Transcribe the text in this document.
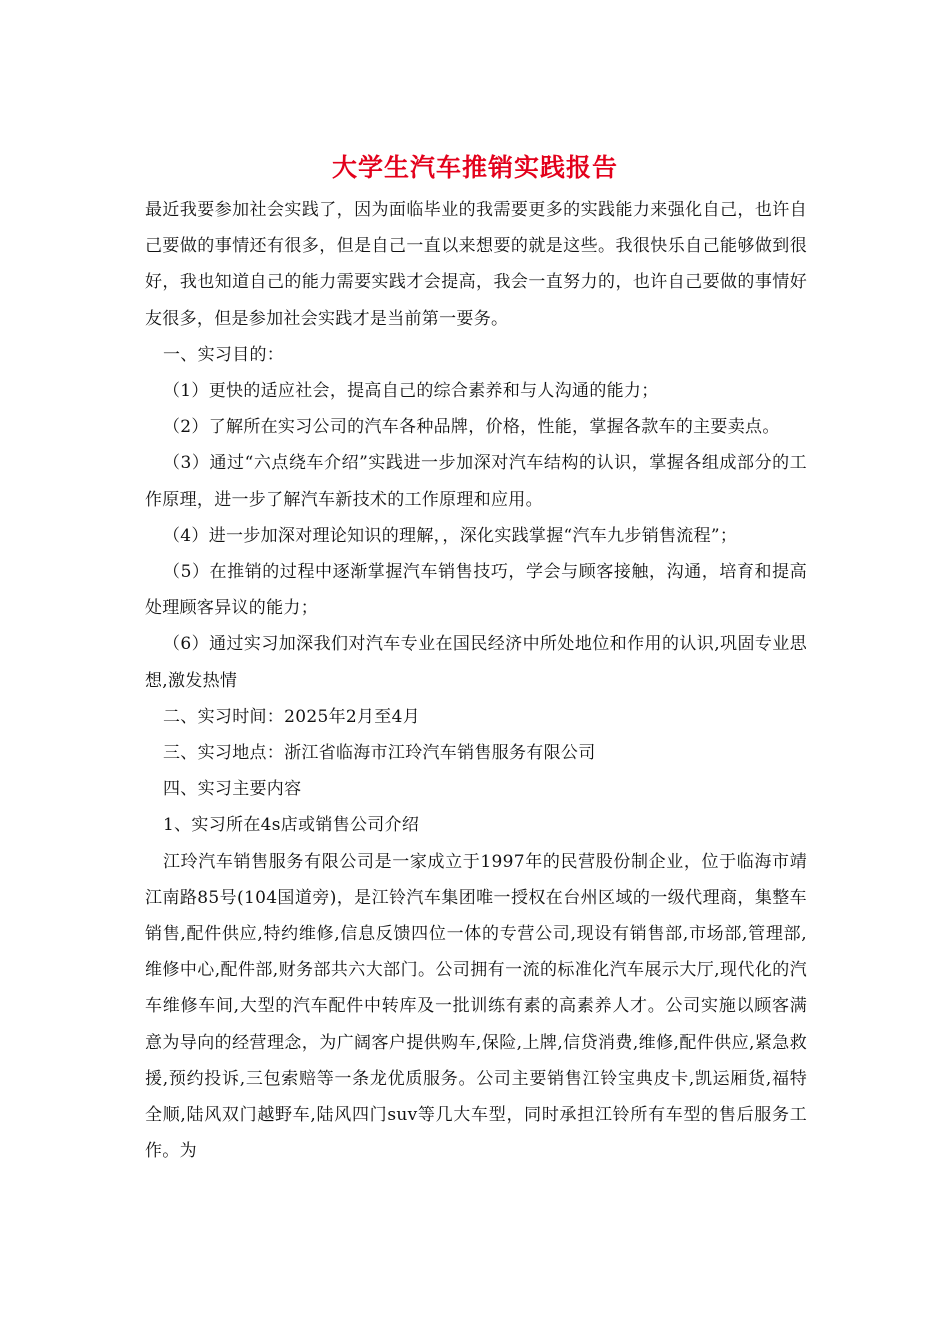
大学生汽车推销实践报告

最近我要参加社会实践了，因为面临毕业的我需要更多的实践能力来强化自己，也许自己要做的事情还有很多，但是自己一直以来想要的就是这些。我很快乐自己能够做到很好，我也知道自己的能力需要实践才会提高，我会一直努力的，也许自己要做的事情好友很多，但是参加社会实践才是当前第一要务。

一、实习目的：

（1）更快的适应社会，提高自己的综合素养和与人沟通的能力；

（2）了解所在实习公司的汽车各种品牌，价格，性能，掌握各款车的主要卖点。

（3）通过“六点绕车介绍”实践进一步加深对汽车结构的认识，掌握各组成部分的工作原理，进一步了解汽车新技术的工作原理和应用。

（4）进一步加深对理论知识的理解，，深化实践掌握“汽车九步销售流程”；

（5）在推销的过程中逐渐掌握汽车销售技巧，学会与顾客接触，沟通，培育和提高处理顾客异议的能力；

（6）通过实习加深我们对汽车专业在国民经济中所处地位和作用的认识,巩固专业思想,激发热情

二、实习时间：2025年2月至4月

三、实习地点：浙江省临海市江玲汽车销售服务有限公司

四、实习主要内容

1、实习所在4s店或销售公司介绍

江玲汽车销售服务有限公司是一家成立于1997年的民营股份制企业，位于临海市靖江南路85号(104国道旁)，是江铃汽车集团唯一授权在台州区域的一级代理商，集整车销售,配件供应,特约维修,信息反馈四位一体的专营公司,现设有销售部,市场部,管理部,维修中心,配件部,财务部共六大部门。公司拥有一流的标准化汽车展示大厅,现代化的汽车维修车间,大型的汽车配件中转库及一批训练有素的高素养人才。公司实施以顾客满意为导向的经营理念，为广阔客户提供购车,保险,上牌,信贷消费,维修,配件供应,紧急救援,预约投诉,三包索赔等一条龙优质服务。公司主要销售江铃宝典皮卡,凯运厢货,福特全顺,陆风双门越野车,陆风四门suv等几大车型，同时承担江铃所有车型的售后服务工作。为
